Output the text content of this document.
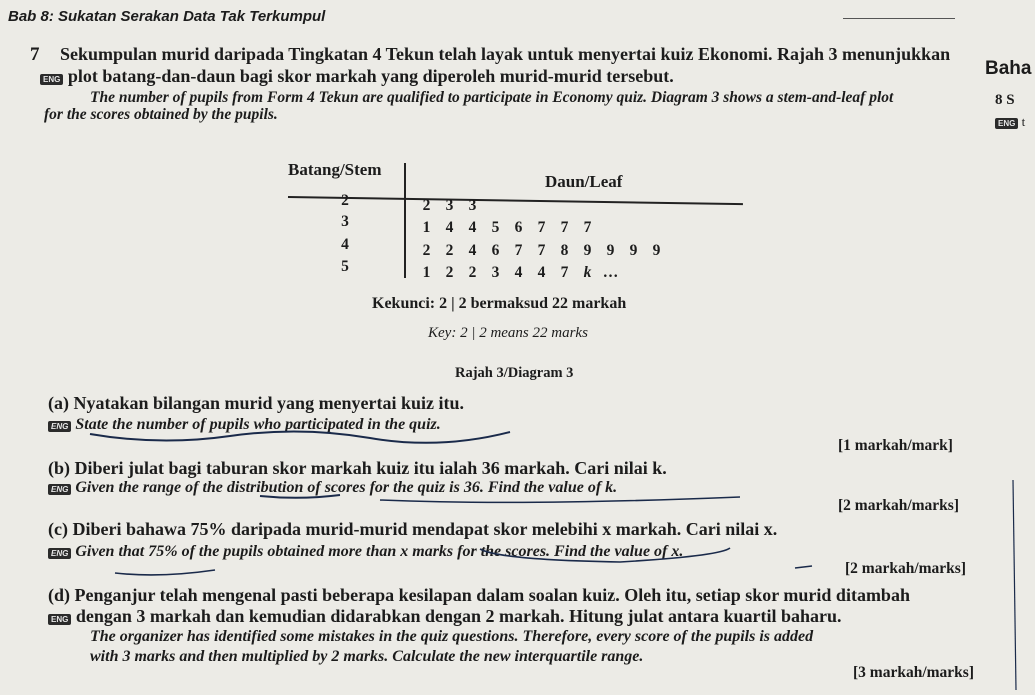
Bab 8: Sukatan Serakan Data Tak Terkumpul
Baha
8 S
ENG t
7 Sekumpulan murid daripada Tingkatan 4 Tekun telah layak untuk menyertai kuiz Ekonomi. Rajah 3 menunjukkan
ENG plot batang-dan-daun bagi skor markah yang diperoleh murid-murid tersebut.
The number of pupils from Form 4 Tekun are qualified to participate in Economy quiz. Diagram 3 shows a stem-and-leaf plot
for the scores obtained by the pupils.
Batang/Stem
Daun/Leaf
2
3
4
5
2 3 3
1 4 4 5 6 7 7 7
2 2 4 6 7 7 8 9 9 9 9
1 2 2 3 4 4 7 k …
Kekunci: 2 | 2 bermaksud 22 markah
Key: 2 | 2 means 22 marks
Rajah 3/Diagram 3
(a) Nyatakan bilangan murid yang menyertai kuiz itu.
ENG State the number of pupils who participated in the quiz.
[1 markah/mark]
(b) Diberi julat bagi taburan skor markah kuiz itu ialah 36 markah. Cari nilai k.
ENG Given the range of the distribution of scores for the quiz is 36. Find the value of k.
[2 markah/marks]
(c) Diberi bahawa 75% daripada murid-murid mendapat skor melebihi x markah. Cari nilai x.
ENG Given that 75% of the pupils obtained more than x marks for the scores. Find the value of x.
[2 markah/marks]
(d) Penganjur telah mengenal pasti beberapa kesilapan dalam soalan kuiz. Oleh itu, setiap skor murid ditambah
ENG dengan 3 markah dan kemudian didarabkan dengan 2 markah. Hitung julat antara kuartil baharu.
The organizer has identified some mistakes in the quiz questions. Therefore, every score of the pupils is added
with 3 marks and then multiplied by 2 marks. Calculate the new interquartile range.
[3 markah/marks]
